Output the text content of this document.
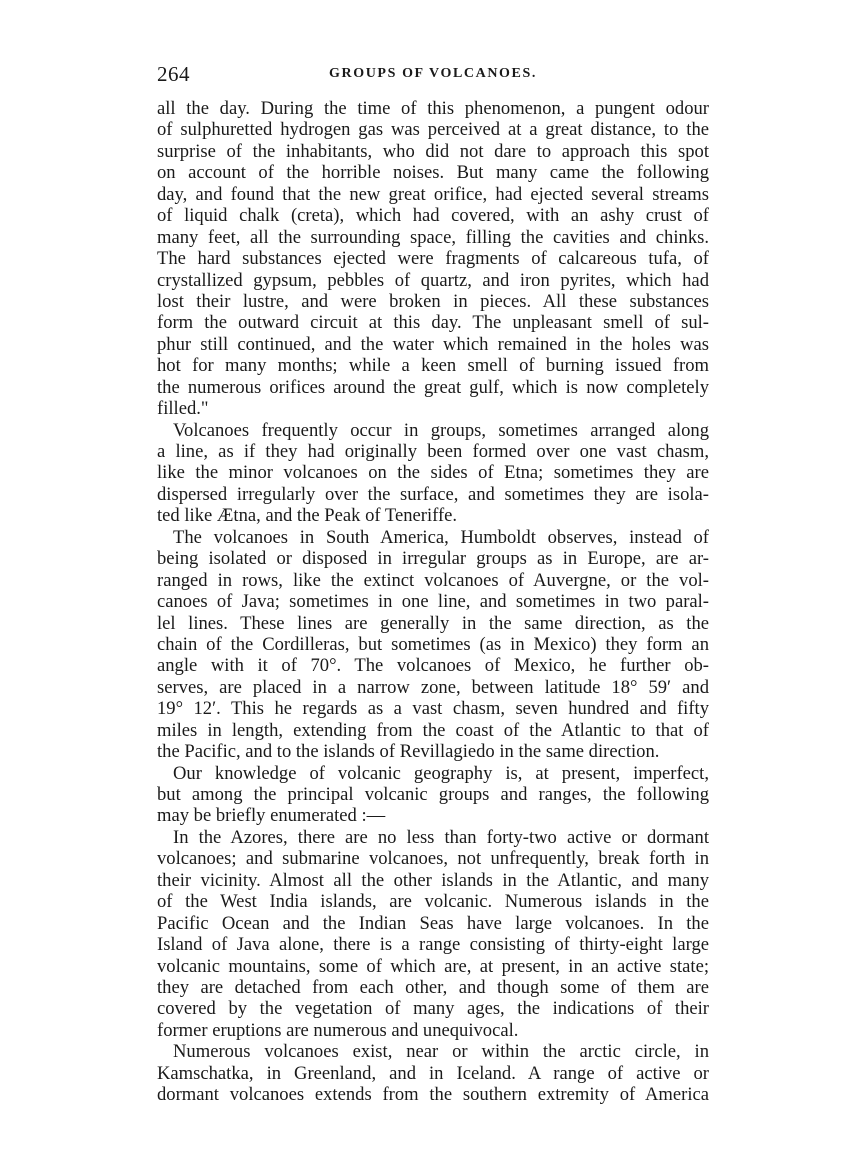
264	GROUPS OF VOLCANOES.
all the day. During the time of this phenomenon, a pungent odour
of sulphuretted hydrogen gas was perceived at a great distance, to the
surprise of the inhabitants, who did not dare to approach this spot
on account of the horrible noises. But many came the following
day, and found that the new great orifice, had ejected several streams
of liquid chalk (creta), which had covered, with an ashy crust of
many feet, all the surrounding space, filling the cavities and chinks.
The hard substances ejected were fragments of calcareous tufa, of
crystallized gypsum, pebbles of quartz, and iron pyrites, which had
lost their lustre, and were broken in pieces. All these substances
form the outward circuit at this day. The unpleasant smell of sul-
phur still continued, and the water which remained in the holes was
hot for many months; while a keen smell of burning issued from
the numerous orifices around the great gulf, which is now completely
filled."
Volcanoes frequently occur in groups, sometimes arranged along
a line, as if they had originally been formed over one vast chasm,
like the minor volcanoes on the sides of Etna; sometimes they are
dispersed irregularly over the surface, and sometimes they are isola-
ted like Ætna, and the Peak of Teneriffe.
The volcanoes in South America, Humboldt observes, instead of
being isolated or disposed in irregular groups as in Europe, are ar-
ranged in rows, like the extinct volcanoes of Auvergne, or the vol-
canoes of Java; sometimes in one line, and sometimes in two paral-
lel lines. These lines are generally in the same direction, as the
chain of the Cordilleras, but sometimes (as in Mexico) they form an
angle with it of 70°. The volcanoes of Mexico, he further ob-
serves, are placed in a narrow zone, between latitude 18° 59′ and
19° 12′. This he regards as a vast chasm, seven hundred and fifty
miles in length, extending from the coast of the Atlantic to that of
the Pacific, and to the islands of Revillagiedo in the same direction.
Our knowledge of volcanic geography is, at present, imperfect,
but among the principal volcanic groups and ranges, the following
may be briefly enumerated :—
In the Azores, there are no less than forty-two active or dormant
volcanoes; and submarine volcanoes, not unfrequently, break forth in
their vicinity. Almost all the other islands in the Atlantic, and many
of the West India islands, are volcanic. Numerous islands in the
Pacific Ocean and the Indian Seas have large volcanoes. In the
Island of Java alone, there is a range consisting of thirty-eight large
volcanic mountains, some of which are, at present, in an active state;
they are detached from each other, and though some of them are
covered by the vegetation of many ages, the indications of their
former eruptions are numerous and unequivocal.
Numerous volcanoes exist, near or within the arctic circle, in
Kamschatka, in Greenland, and in Iceland. A range of active or
dormant volcanoes extends from the southern extremity of America
